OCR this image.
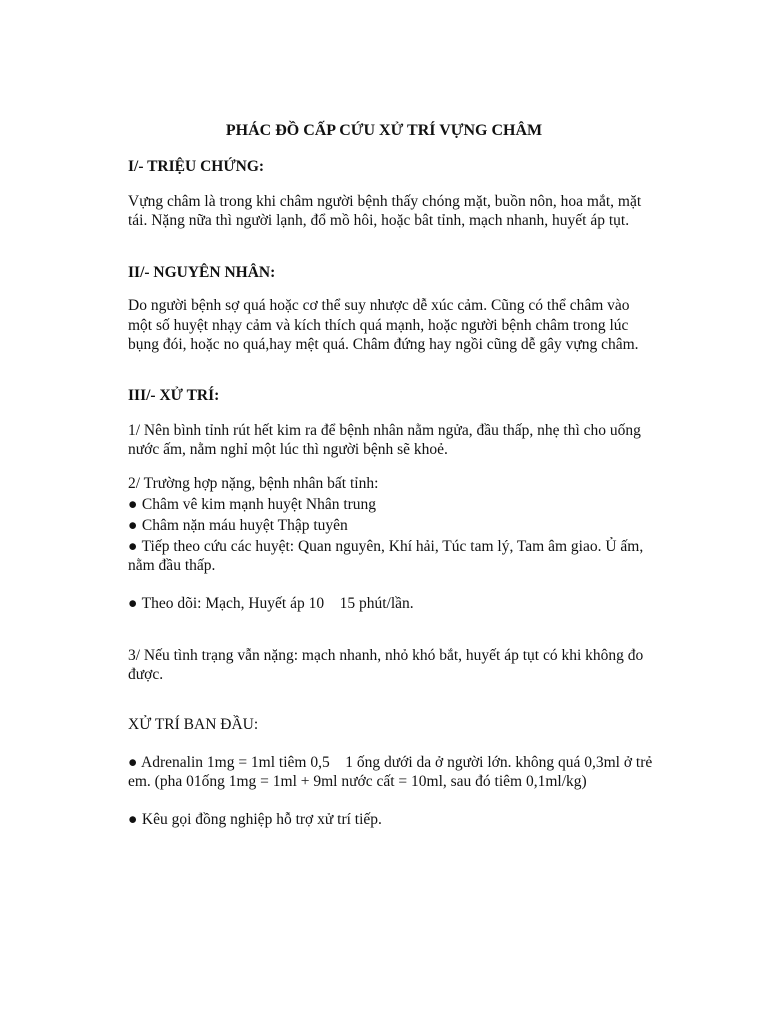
PHÁC ĐỒ CẤP CỨU XỬ TRÍ VỰNG CHÂM

I/- TRIỆU CHỨNG:

Vựng châm là trong khi châm người bệnh thấy chóng mặt, buồn nôn, hoa mắt, mặt

tái. Nặng nữa thì người lạnh, đổ mồ hôi, hoặc bât tỉnh, mạch nhanh, huyết áp tụt.

II/- NGUYÊN NHÂN:

Do người bệnh sợ quá hoặc cơ thể suy nhược dễ xúc cảm. Cũng có thể châm vào

một số huyệt nhạy cảm và kích thích quá mạnh, hoặc người bệnh châm trong lúc

bụng đói, hoặc no quá,hay mệt quá. Châm đứng hay ngồi cũng dễ gây vựng châm.

III/- XỬ TRÍ:

1/ Nên bình tỉnh rút hết kim ra để bệnh nhân nằm ngửa, đầu thấp, nhẹ thì cho uống

nước ấm, nằm nghỉ một lúc thì người bệnh sẽ khoẻ.

2/ Trường hợp nặng, bệnh nhân bất tỉnh:

● Châm vê kim mạnh huyệt Nhân trung

● Châm nặn máu huyệt Thập tuyên

● Tiếp theo cứu các huyệt: Quan nguyên, Khí hải, Túc tam lý, Tam âm giao. Ủ ấm,

nằm đầu thấp.

● Theo dõi: Mạch, Huyết áp 10    15 phút/lần.

3/ Nếu tình trạng vẫn nặng: mạch nhanh, nhỏ khó bắt, huyết áp tụt có khi không đo

được.

XỬ TRÍ BAN ĐẦU:

● Adrenalin 1mg = 1ml tiêm 0,5    1 ống dưới da ở người lớn. không quá 0,3ml ở trẻ

em. (pha 01ống 1mg = 1ml + 9ml nước cất = 10ml, sau đó tiêm 0,1ml/kg)

● Kêu gọi đồng nghiệp hỗ trợ xử trí tiếp.
